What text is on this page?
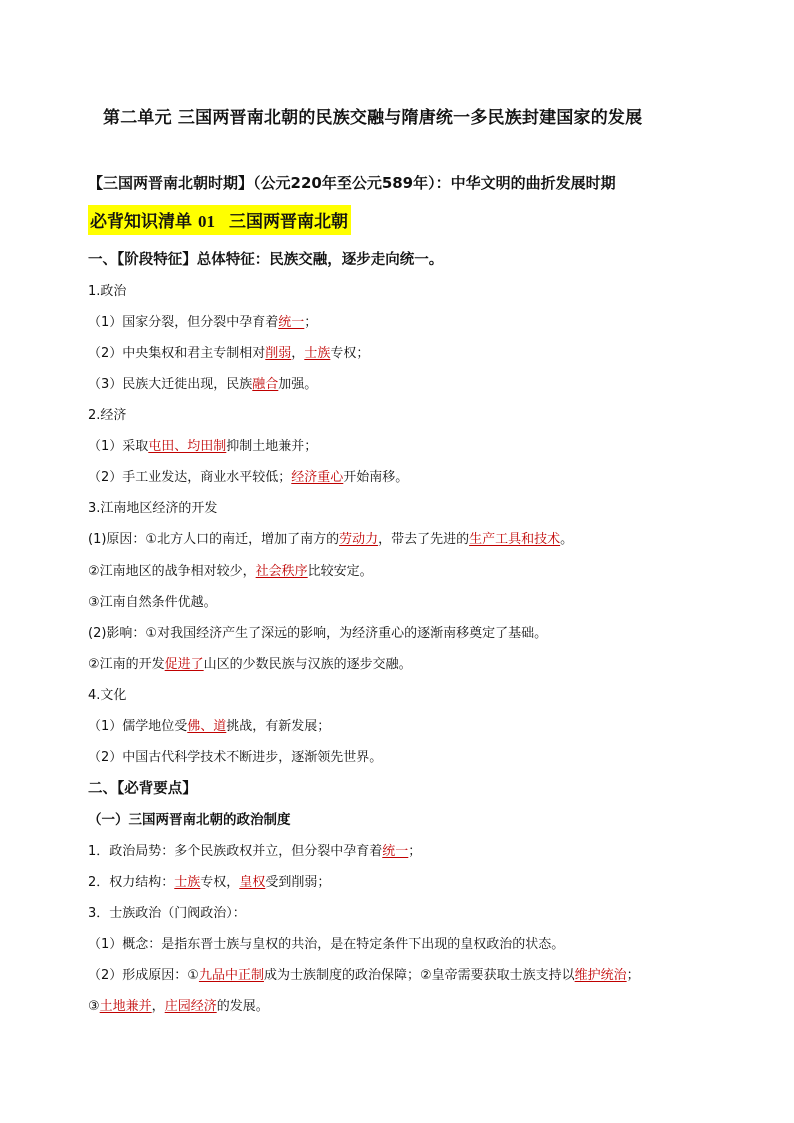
第二单元 三国两晋南北朝的民族交融与隋唐统一多民族封建国家的发展
【三国两晋南北朝时期】（公元220年至公元589年）：中华文明的曲折发展时期
必背知识清单 01 三国两晋南北朝
一、【阶段特征】总体特征：民族交融，逐步走向统一。
1.政治
（1）国家分裂，但分裂中孕育着统一；
（2）中央集权和君主专制相对削弱，士族专权；
（3）民族大迁徙出现，民族融合加强。
2.经济
（1）采取屯田、均田制抑制土地兼并；
（2）手工业发达，商业水平较低；经济重心开始南移。
3.江南地区经济的开发
(1)原因：①北方人口的南迁，增加了南方的劳动力，带去了先进的生产工具和技术。
②江南地区的战争相对较少，社会秩序比较安定。
③江南自然条件优越。
(2)影响：①对我国经济产生了深远的影响，为经济重心的逐渐南移奠定了基础。
②江南的开发促进了山区的少数民族与汉族的逐步交融。
4.文化
（1）儒学地位受佛、道挑战，有新发展；
（2）中国古代科学技术不断进步，逐渐领先世界。
二、【必背要点】
（一）三国两晋南北朝的政治制度
1．政治局势：多个民族政权并立，但分裂中孕育着统一；
2．权力结构：士族专权，皇权受到削弱；
3．士族政治（门阀政治）：
（1）概念：是指东晋士族与皇权的共治，是在特定条件下出现的皇权政治的状态。
（2）形成原因：①九品中正制成为士族制度的政治保障；②皇帝需要获取士族支持以维护统治；
③土地兼并，庄园经济的发展。
